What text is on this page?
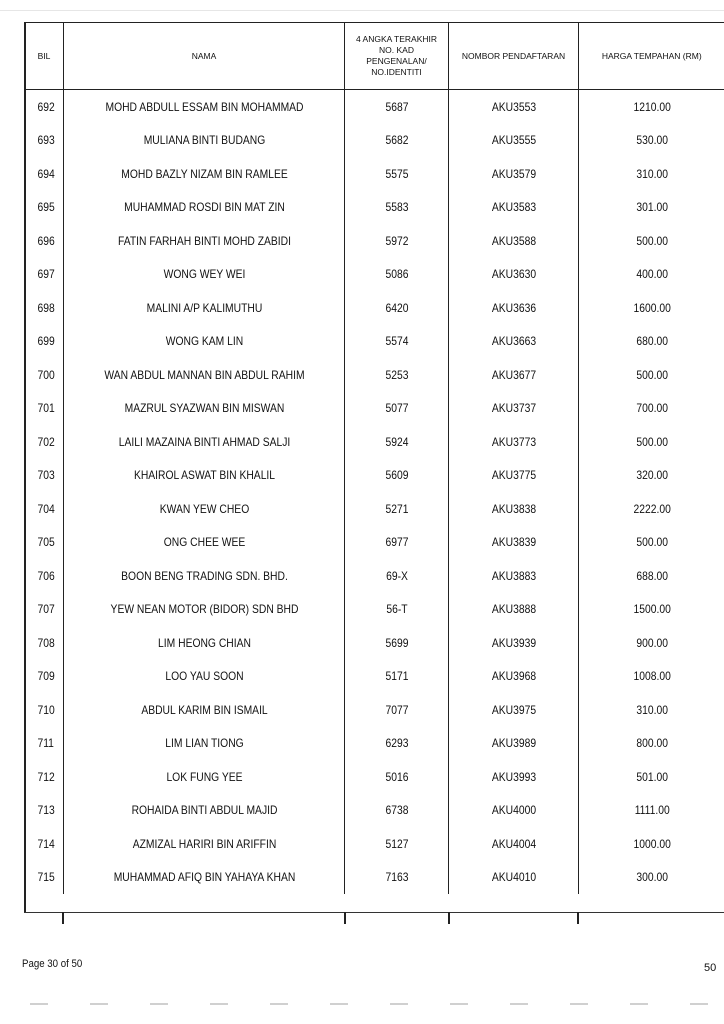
BIL	NAMA	4 ANGKA TERAKHIR
NO. KAD
PENGENALAN/
NO.IDENTITI	NOMBOR PENDAFTARAN	HARGA TEMPAHAN (RM)
692	MOHD ABDULL ESSAM BIN MOHAMMAD	5687	AKU3553	1210.00
693	MULIANA BINTI BUDANG	5682	AKU3555	530.00
694	MOHD BAZLY NIZAM BIN RAMLEE	5575	AKU3579	310.00
695	MUHAMMAD ROSDI BIN MAT ZIN	5583	AKU3583	301.00
696	FATIN FARHAH BINTI MOHD ZABIDI	5972	AKU3588	500.00
697	WONG WEY WEI	5086	AKU3630	400.00
698	MALINI A/P KALIMUTHU	6420	AKU3636	1600.00
699	WONG KAM LIN	5574	AKU3663	680.00
700	WAN ABDUL MANNAN BIN ABDUL RAHIM	5253	AKU3677	500.00
701	MAZRUL SYAZWAN BIN MISWAN	5077	AKU3737	700.00
702	LAILI MAZAINA BINTI AHMAD SALJI	5924	AKU3773	500.00
703	KHAIROL ASWAT BIN KHALIL	5609	AKU3775	320.00
704	KWAN YEW CHEO	5271	AKU3838	2222.00
705	ONG CHEE WEE	6977	AKU3839	500.00
706	BOON BENG TRADING SDN. BHD.	69-X	AKU3883	688.00
707	YEW NEAN MOTOR (BIDOR) SDN BHD	56-T	AKU3888	1500.00
708	LIM HEONG CHIAN	5699	AKU3939	900.00
709	LOO YAU SOON	5171	AKU3968	1008.00
710	ABDUL KARIM BIN ISMAIL	7077	AKU3975	310.00
711	LIM LIAN TIONG	6293	AKU3989	800.00
712	LOK FUNG YEE	5016	AKU3993	501.00
713	ROHAIDA BINTI ABDUL MAJID	6738	AKU4000	1111.00
714	AZMIZAL HARIRI BIN ARIFFIN	5127	AKU4004	1000.00
715	MUHAMMAD AFIQ BIN YAHAYA KHAN	7163	AKU4010	300.00
Page 30 of 50	50
